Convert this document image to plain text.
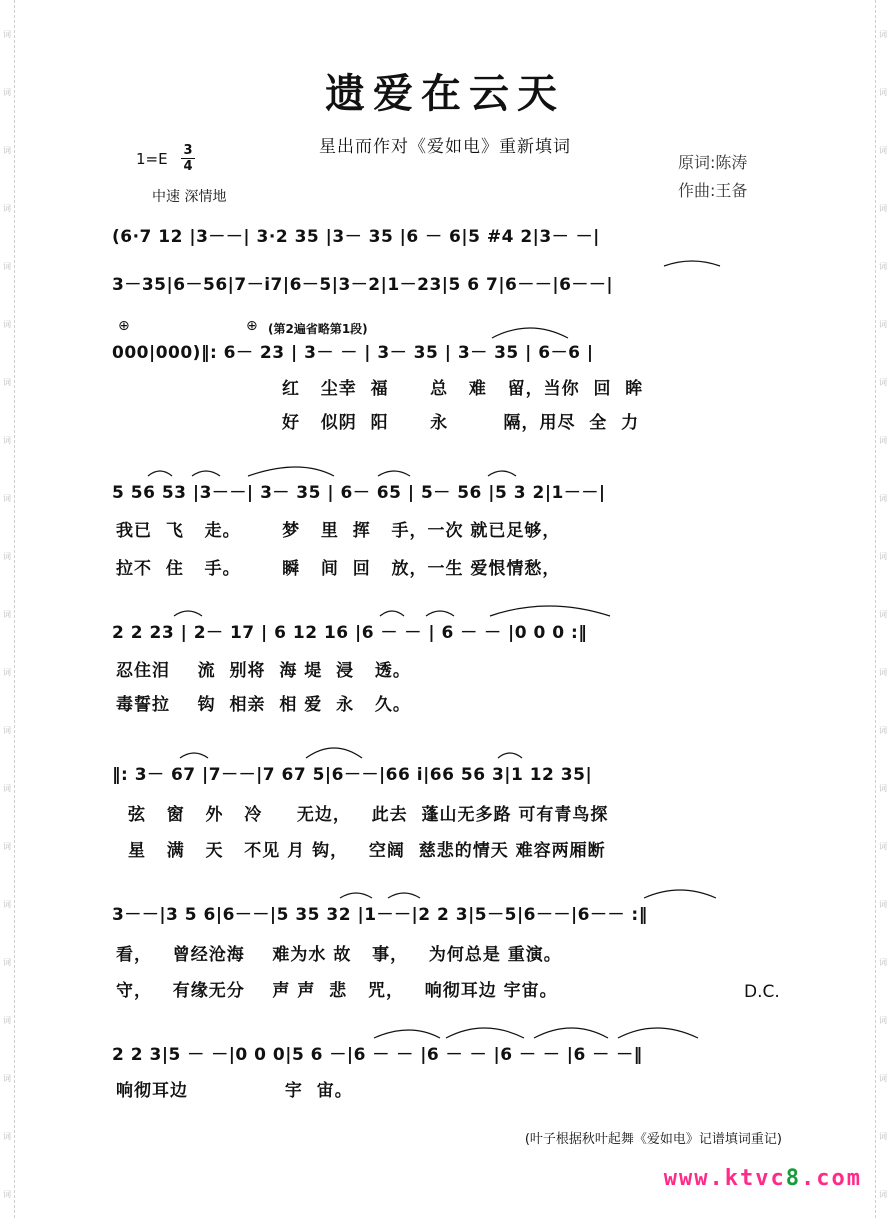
词
词
词
词
词
词
词
词
词
词
词
词
词
词
词
词
词
词
词
词
词
词
词
词
词
词
词
词
词
词
词
词
词
词
词
词
词
词
词
词
词
词
遗爱在云天
星出而作对《爱如电》重新填词
1=E 3
4
中速 深情地
原词:陈涛
作曲:王备
(6·7 12 |3－－| 3·2 35 |3－ 35 |6 － 6|5 #4 2|3－ －|
3－35|6－56|7－i7|6－5|3－2|1－23|5 6 7|6－－|6－－|
⊕	⊕ (第2遍省略第1段)
000|000)‖: 6－ 23 | 3－ － | 3－ 35 | 3－ 35 | 6－6 |
红   尘幸  福      总   难   留，当你  回  眸
好   似阴  阳      永        隔，用尽  全  力
5 56 53 |3－－| 3－ 35 | 6－ 65 | 5－ 56 |5 3 2|1－－|
我已  飞   走。      梦   里  挥   手，一次 就已足够，
拉不  住   手。      瞬   间  回   放，一生 爱恨情愁，
2 2 23 | 2－ 17 | 6 12 16 |6 － － | 6 － － |0 0 0 :‖
忍住泪    流  别将  海 堤  浸   透。
毒誓拉    钩  相亲  相 爱  永   久。
‖: 3－ 67 |7－－|7 67 5|6－－|66 i|66 56 3|1 12 35|
弦   窗   外   冷     无边，   此去  蓬山无多路 可有青鸟探
星   满   天   不见 月 钩，   空阔  慈悲的情天 难容两厢断
3－－|3 5 6|6－－|5 35 32 |1－－|2 2 3|5－5|6－－|6－－ :‖
看，   曾经沧海    难为水 故   事，   为何总是 重演。
守，   有缘无分    声 声  悲   咒，   响彻耳边 宇宙。	D.C.
2 2 3|5 － －|0 0 0|5 6 －|6 － － |6 － － |6 － － |6 － －‖
响彻耳边              宇  宙。
(叶子根据秋叶起舞《爱如电》记谱填词重记)
www.ktvc8.com
